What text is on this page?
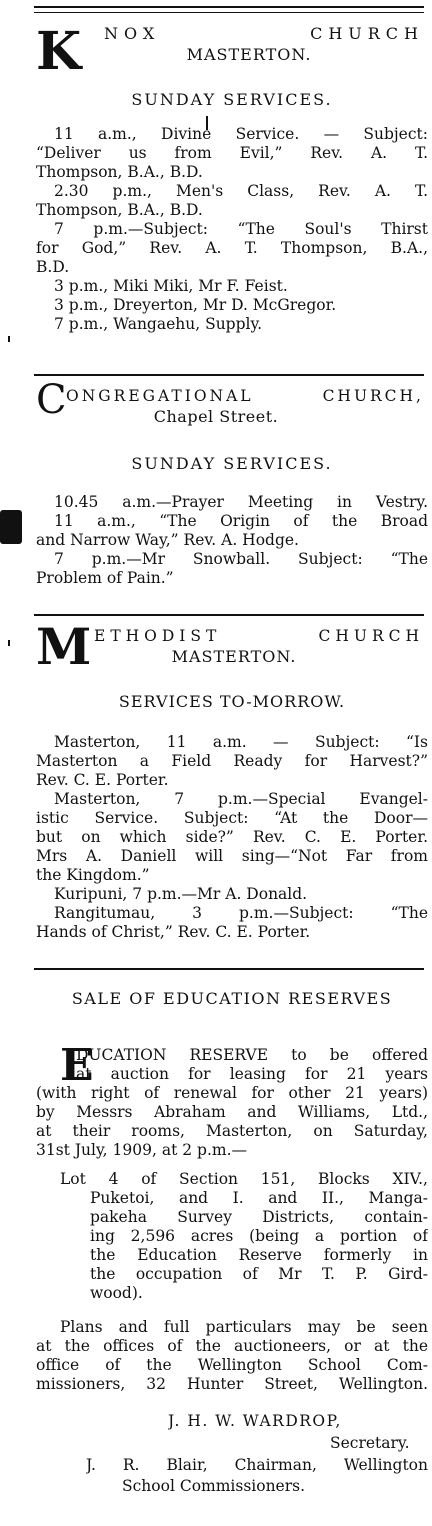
K NOX CHURCH
MASTERTON.
SUNDAY SERVICES.
11 a.m., Divine Service. — Subject:
“Deliver us from Evil,” Rev. A. T.
Thompson, B.A., B.D.
2.30 p.m., Men's Class, Rev. A. T.
Thompson, B.A., B.D.
7 p.m.—Subject: “The Soul's Thirst
for God,” Rev. A. T. Thompson, B.A.,
B.D.
3 p.m., Miki Miki, Mr F. Feist.
3 p.m., Dreyerton, Mr D. McGregor.
7 p.m., Wangaehu, Supply.
C ONGREGATIONAL CHURCH,
Chapel Street.
SUNDAY SERVICES.
10.45 a.m.—Prayer Meeting in Vestry.
11 a.m., “The Origin of the Broad
and Narrow Way,” Rev. A. Hodge.
7 p.m.—Mr Snowball. Subject: “The
Problem of Pain.”
M ETHODIST CHURCH
MASTERTON.
SERVICES TO-MORROW.
Masterton, 11 a.m. — Subject: “Is
Masterton a Field Ready for Harvest?”
Rev. C. E. Porter.
Masterton, 7 p.m.—Special Evangel-
istic Service. Subject: “At the Door—
but on which side?” Rev. C. E. Porter.
Mrs A. Daniell will sing—“Not Far from
the Kingdom.”
Kuripuni, 7 p.m.—Mr A. Donald.
Rangitumau, 3 p.m.—Subject: “The
Hands of Christ,” Rev. C. E. Porter.
SALE OF EDUCATION RESERVES
E
DUCATION RESERVE to be offered
at auction for leasing for 21 years
(with right of renewal for other 21 years)
by Messrs Abraham and Williams, Ltd.,
at their rooms, Masterton, on Saturday,
31st July, 1909, at 2 p.m.—
Lot 4 of Section 151, Blocks XIV.,
Puketoi, and I. and II., Manga-
pakeha Survey Districts, contain-
ing 2,596 acres (being a portion of
the Education Reserve formerly in
the occupation of Mr T. P. Gird-
wood).
Plans and full particulars may be seen
at the offices of the auctioneers, or at the
office of the Wellington School Com-
missioners, 32 Hunter Street, Wellington.
J. H. W. WARDROP,
Secretary.
J. R. Blair, Chairman, Wellington
School Commissioners.
